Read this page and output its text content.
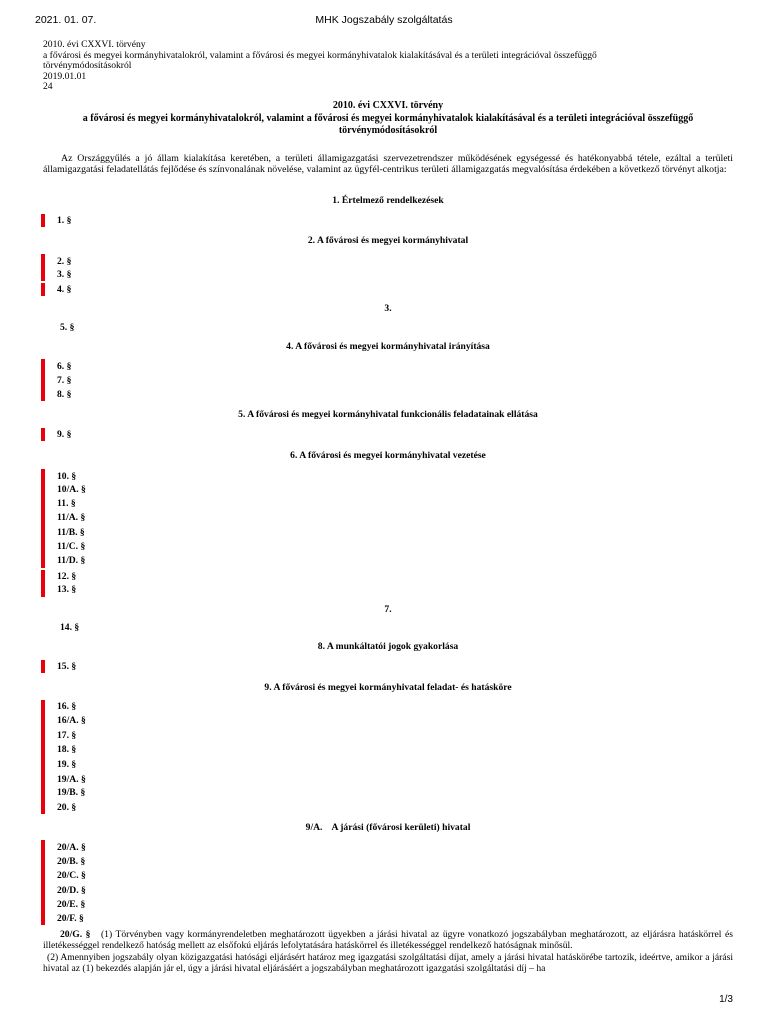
2021. 01. 07.	MHK Jogszabály szolgáltatás
2010. évi CXXVI. törvény
a fővárosi és megyei kormányhivatalokról, valamint a fővárosi és megyei kormányhivatalok kialakításával és a területi integrációval összefüggő
törvénymódosításokról
2019.01.01
24
2010. évi CXXVI. törvény
a fővárosi és megyei kormányhivatalokról, valamint a fővárosi és megyei kormányhivatalok kialakításával és a területi integrációval összefüggő
törvénymódosításokról
Az Országgyűlés a jó állam kialakítása keretében, a területi államigazgatási szervezetrendszer működésének egységessé és hatékonyabbá tétele, ezáltal a területi államigazgatási feladatellátás fejlődése és színvonalának növelése, valamint az ügyfél-centrikus területi államigazgatás megvalósítása érdekében a következő törvényt alkotja:
1. Értelmező rendelkezések
1. §
2. A fővárosi és megyei kormányhivatal
2. §
3. §
4. §
3.
5. §
4. A fővárosi és megyei kormányhivatal irányítása
6. §
7. §
8. §
5. A fővárosi és megyei kormányhivatal funkcionális feladatainak ellátása
9. §
6. A fővárosi és megyei kormányhivatal vezetése
10. §
10/A. §
11. §
11/A. §
11/B. §
11/C. §
11/D. §
12. §
13. §
7.
14. §
8. A munkáltatói jogok gyakorlása
15. §
9. A fővárosi és megyei kormányhivatal feladat- és hatásköre
16. §
16/A. §
17. §
18. §
19. §
19/A. §
19/B. §
20. §
9/A. A járási (fővárosi kerületi) hivatal
20/A. §
20/B. §
20/C. §
20/D. §
20/E. §
20/F. §
20/G. § (1) Törvényben vagy kormányrendeletben meghatározott ügyekben a járási hivatal az ügyre vonatkozó jogszabályban meghatározott, az eljárásra hatáskörrel és illetékességgel rendelkező hatóság mellett az elsőfokú eljárás lefolytatására hatáskörrel és illetékességgel rendelkező hatóságnak minősül.
(2) Amennyiben jogszabály olyan közigazgatási hatósági eljárásért határoz meg igazgatási szolgáltatási díjat, amely a járási hivatal hatáskörébe tartozik, ideértve, amikor a járási hivatal az (1) bekezdés alapján jár el, úgy a járási hivatal eljárásáért a jogszabályban meghatározott igazgatási szolgáltatási díj – ha
1/3
